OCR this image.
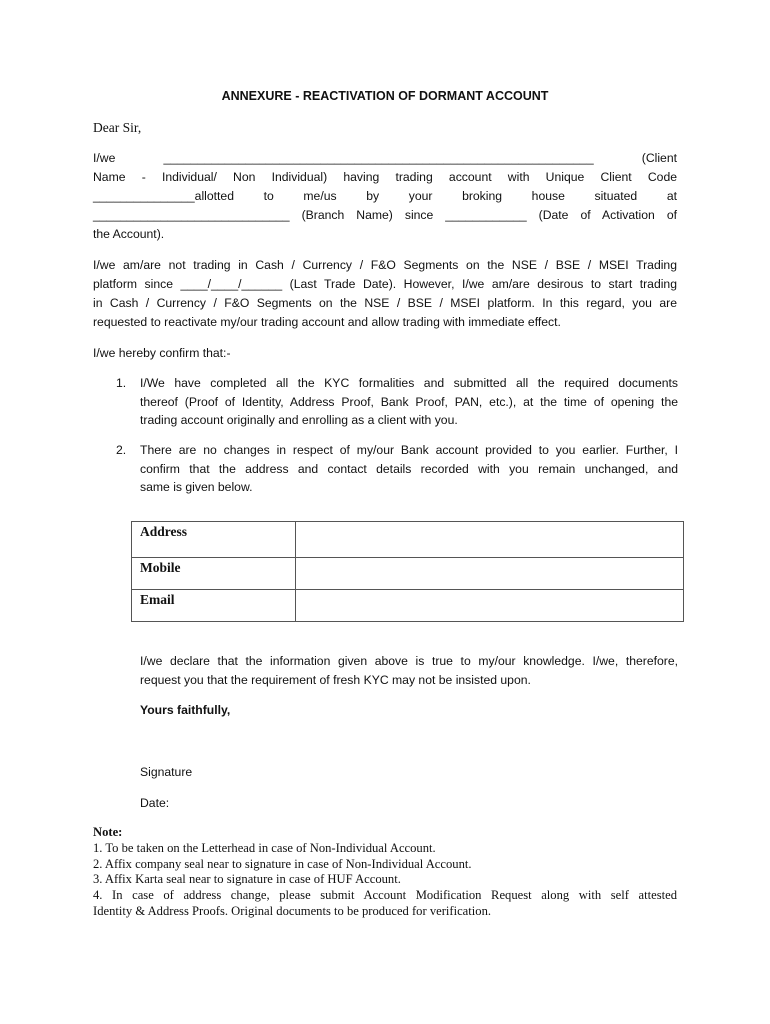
ANNEXURE - REACTIVATION OF DORMANT ACCOUNT
Dear Sir,
I/we	_______________________________________________________________	(Client
Name - Individual/ Non Individual) having trading account with Unique Client Code
_______________allotted to me/us by your broking house situated at
_____________________________ (Branch Name) since ____________ (Date of Activation of
the Account).
I/we am/are not trading in Cash / Currency / F&O Segments on the NSE / BSE / MSEI Trading
platform since ____/____/______ (Last Trade Date). However, I/we am/are desirous to start trading
in Cash / Currency / F&O Segments on the NSE / BSE / MSEI platform. In this regard, you are
requested to reactivate my/our trading account and allow trading with immediate effect.
I/we hereby confirm that:-
1. I/We have completed all the KYC formalities and submitted all the required documents
thereof (Proof of Identity, Address Proof, Bank Proof, PAN, etc.), at the time of opening the
trading account originally and enrolling as a client with you.
2. There are no changes in respect of my/our Bank account provided to you earlier. Further, I
confirm that the address and contact details recorded with you remain unchanged, and
same is given below.
Address	
Mobile	
Email	
I/we declare that the information given above is true to my/our knowledge. I/we, therefore,
request you that the requirement of fresh KYC may not be insisted upon.
Yours faithfully,
Signature
Date:
Note:
1. To be taken on the Letterhead in case of Non-Individual Account.
2. Affix company seal near to signature in case of Non-Individual Account.
3. Affix Karta seal near to signature in case of HUF Account.
4. In case of address change, please submit Account Modification Request along with self attested
Identity & Address Proofs. Original documents to be produced for verification.
